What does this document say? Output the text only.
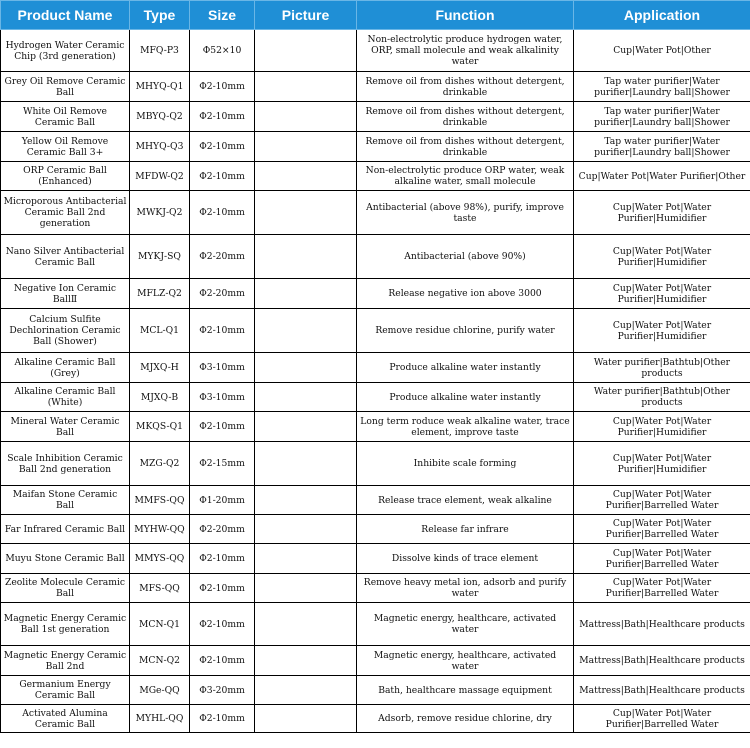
Product Name	Type	Size	Picture	Function	Application
Hydrogen Water Ceramic Chip (3rd generation)	MFQ-P3	Φ52×10		Non-electrolytic produce hydrogen water, ORP, small molecule and weak alkalinity water	Cup|Water Pot|Other
Grey Oil Remove Ceramic Ball	MHYQ-Q1	Φ2-10mm		Remove oil from dishes without detergent, drinkable	Tap water purifier|Water purifier|Laundry ball|Shower
White Oil Remove Ceramic Ball	MBYQ-Q2	Φ2-10mm		Remove oil from dishes without detergent, drinkable	Tap water purifier|Water purifier|Laundry ball|Shower
Yellow Oil Remove Ceramic Ball 3+	MHYQ-Q3	Φ2-10mm		Remove oil from dishes without detergent, drinkable	Tap water purifier|Water purifier|Laundry ball|Shower
ORP Ceramic Ball (Enhanced)	MFDW-Q2	Φ2-10mm		Non-electrolytic produce ORP water, weak alkaline water, small molecule	Cup|Water Pot|Water Purifier|Other
Microporous Antibacterial Ceramic Ball 2nd generation	MWKJ-Q2	Φ2-10mm		Antibacterial (above 98%), purify, improve taste	Cup|Water Pot|Water Purifier|Humidifier
Nano Silver Antibacterial Ceramic Ball	MYKJ-SQ	Φ2-20mm		Antibacterial (above 90%)	Cup|Water Pot|Water Purifier|Humidifier
Negative Ion Ceramic BallⅡ	MFLZ-Q2	Φ2-20mm		Release negative ion above 3000	Cup|Water Pot|Water Purifier|Humidifier
Calcium Sulfite Dechlorination Ceramic Ball (Shower)	MCL-Q1	Φ2-10mm		Remove residue chlorine, purify water	Cup|Water Pot|Water Purifier|Humidifier
Alkaline Ceramic Ball (Grey)	MJXQ-H	Φ3-10mm		Produce alkaline water instantly	Water purifier|Bathtub|Other products
Alkaline Ceramic Ball (White)	MJXQ-B	Φ3-10mm		Produce alkaline water instantly	Water purifier|Bathtub|Other products
Mineral Water Ceramic Ball	MKQS-Q1	Φ2-10mm		Long term roduce weak alkaline water, trace element, improve taste	Cup|Water Pot|Water Purifier|Humidifier
Scale Inhibition Ceramic Ball 2nd generation	MZG-Q2	Φ2-15mm		Inhibite scale forming	Cup|Water Pot|Water Purifier|Humidifier
Maifan Stone Ceramic Ball	MMFS-QQ	Φ1-20mm		Release trace element, weak alkaline	Cup|Water Pot|Water Purifier|Barrelled Water
Far Infrared Ceramic Ball	MYHW-QQ	Φ2-20mm		Release far infrare	Cup|Water Pot|Water Purifier|Barrelled Water
Muyu Stone Ceramic Ball	MMYS-QQ	Φ2-10mm		Dissolve kinds of trace element	Cup|Water Pot|Water Purifier|Barrelled Water
Zeolite Molecule Ceramic Ball	MFS-QQ	Φ2-10mm		Remove heavy metal ion, adsorb and purify water	Cup|Water Pot|Water Purifier|Barrelled Water
Magnetic Energy Ceramic Ball 1st generation	MCN-Q1	Φ2-10mm		Magnetic energy, healthcare, activated water	Mattress|Bath|Healthcare products
Magnetic Energy Ceramic Ball 2nd	MCN-Q2	Φ2-10mm		Magnetic energy, healthcare, activated water	Mattress|Bath|Healthcare products
Germanium Energy Ceramic Ball	MGe-QQ	Φ3-20mm		Bath, healthcare massage equipment	Mattress|Bath|Healthcare products
Activated Alumina Ceramic Ball	MYHL-QQ	Φ2-10mm		Adsorb, remove residue chlorine, dry	Cup|Water Pot|Water Purifier|Barrelled Water
